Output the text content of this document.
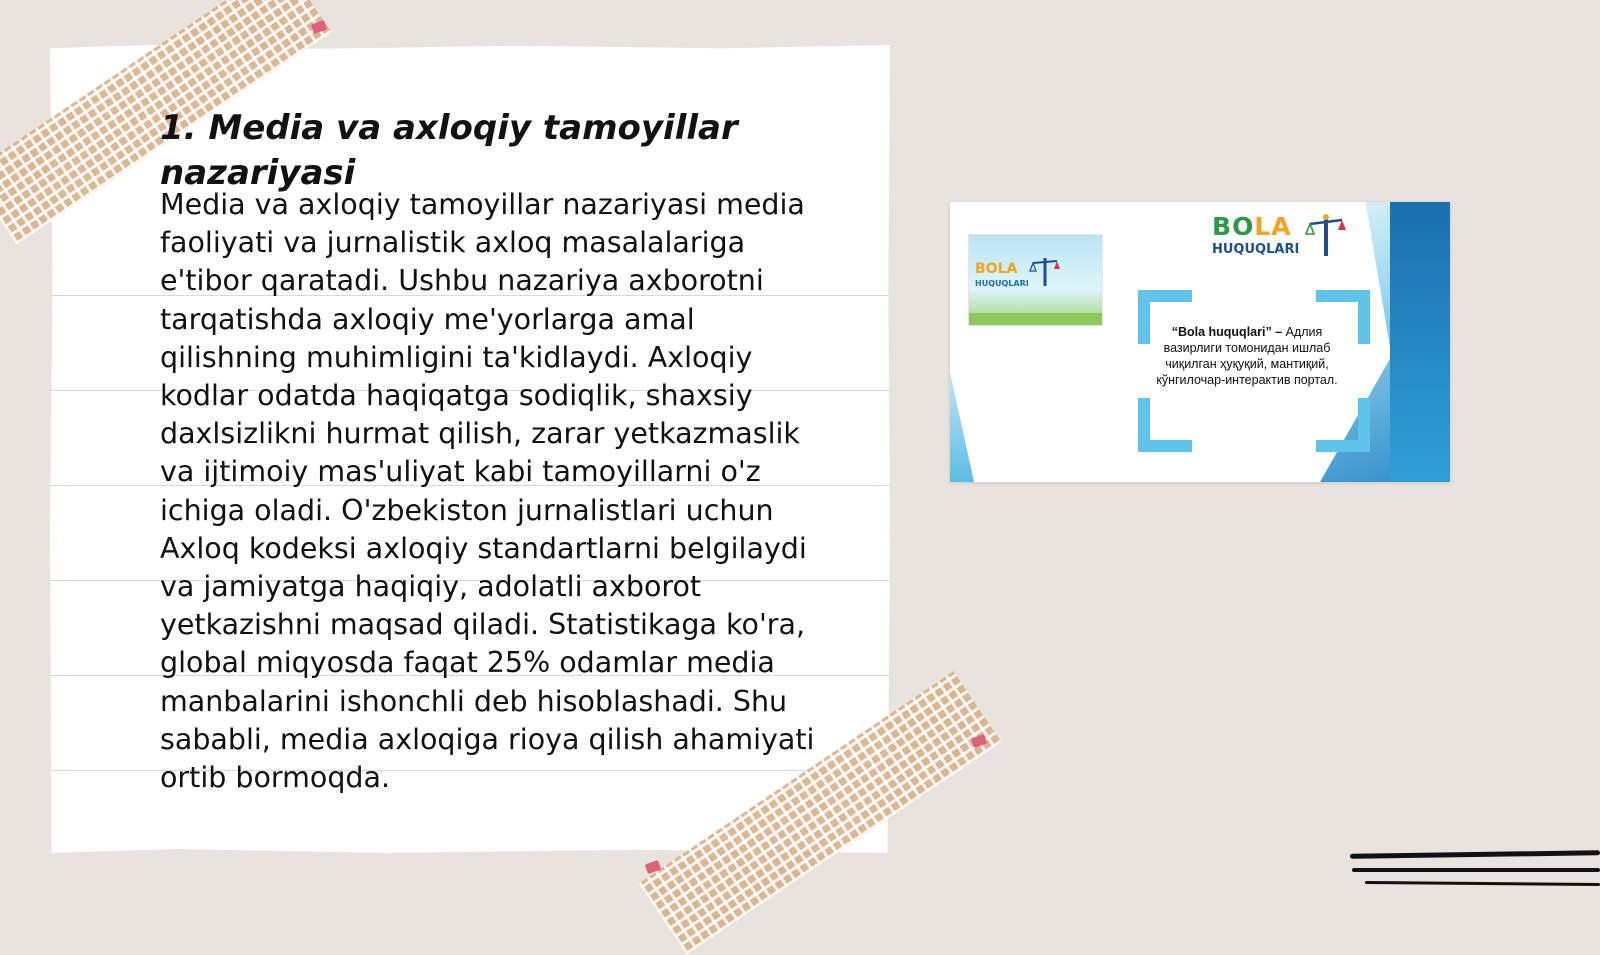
1. Media va axloqiy tamoyillar nazariyasi

Media va axloqiy tamoyillar nazariyasi media faoliyati va jurnalistik axloq masalalariga e'tibor qaratadi. Ushbu nazariya axborotni tarqatishda axloqiy me'yorlarga amal qilishning muhimligini ta'kidlaydi. Axloqiy kodlar odatda haqiqatga sodiqlik, shaxsiy daxlsizlikni hurmat qilish, zarar yetkazmaslik va ijtimoiy mas'uliyat kabi tamoyillarni o'z ichiga oladi. O'zbekiston jurnalistlari uchun Axloq kodeksi axloqiy standartlarni belgilaydi va jamiyatga haqiqiy, adolatli axborot yetkazishni maqsad qiladi. Statistikaga ko'ra, global miqyosda faqat 25% odamlar media manbalarini ishonchli deb hisoblashadi. Shu sababli, media axloqiga rioya qilish ahamiyati ortib bormoqda.

BOLA
HUQUQLARI
BOLA
HUQUQLARI

“Bola huquqlari” – Адлия вазирлиги томонидан ишлаб чиқилган ҳуқуқий, мантиқий, кўнгилочар-интерактив портал.
